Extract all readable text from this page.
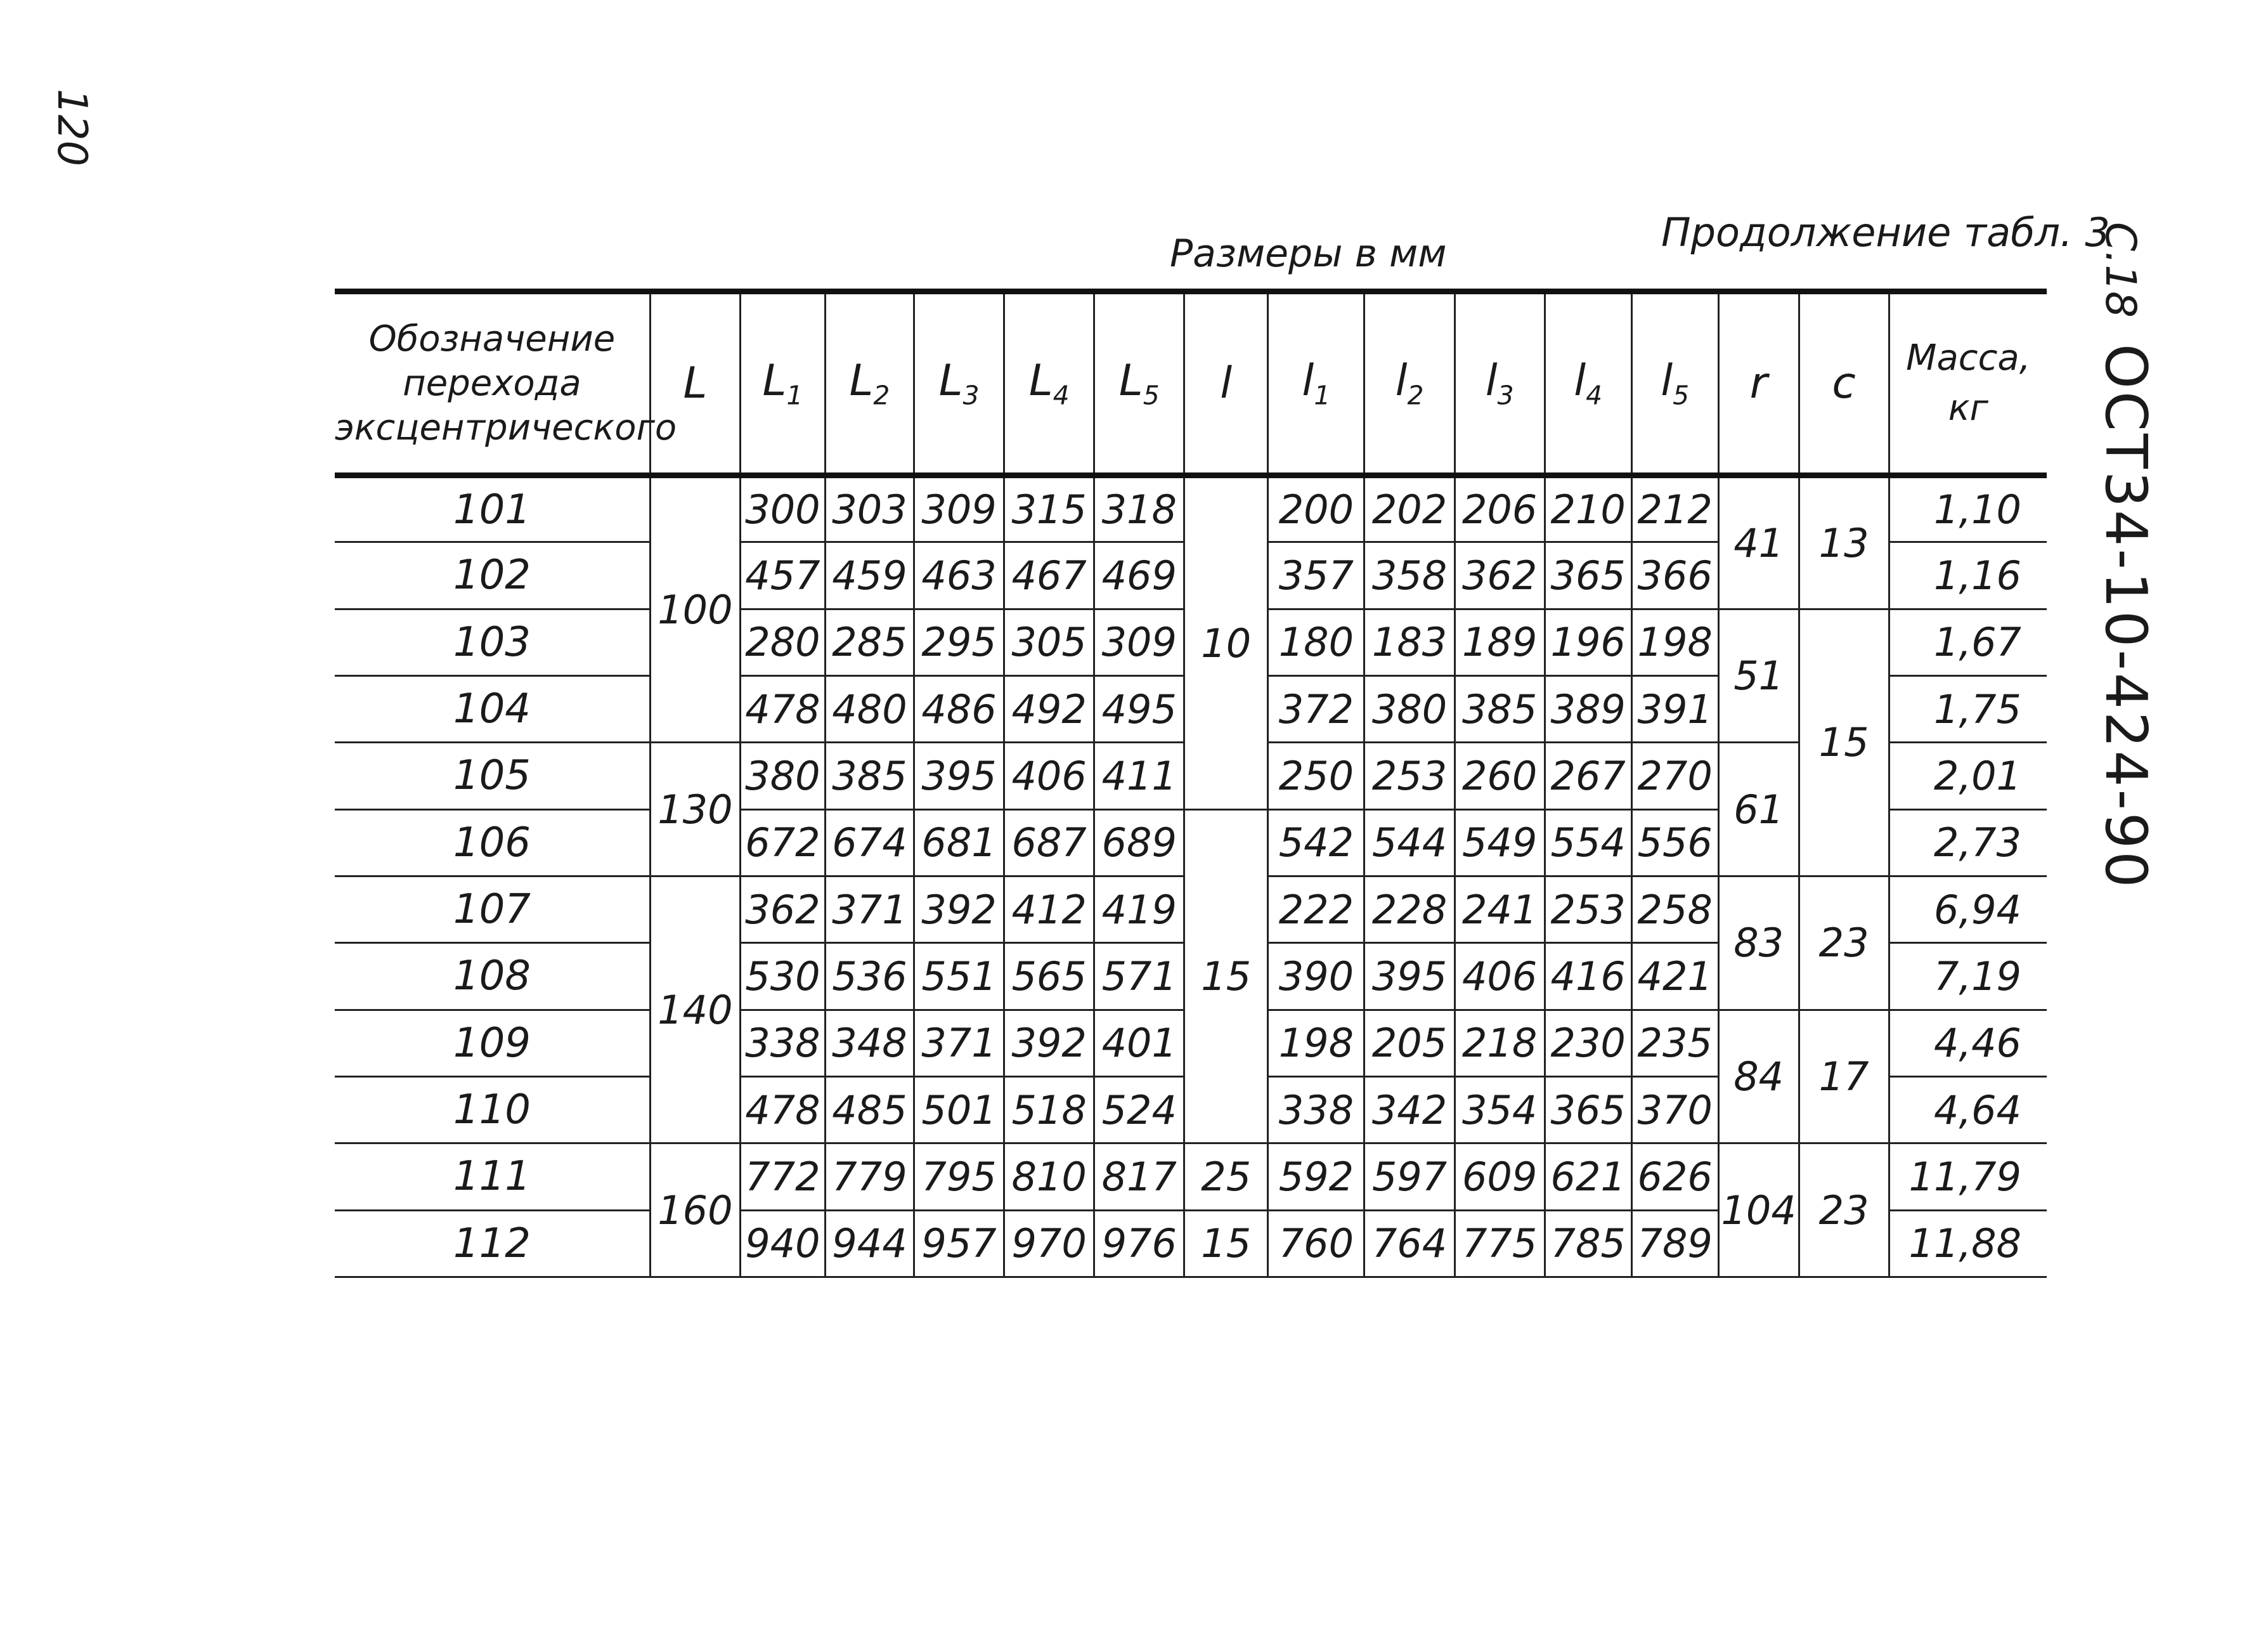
120
Размеры в мм	Продолжение табл. 3
С.18 ОСТ34-10-424-90
Обозначение перехода эксцентрического	L	$L_1$	$L_2$	$L_3$	$L_4$	$L_5$	l	$l_1$	$l_2$	$l_3$	$l_4$	$l_5$	r	c	Масса, кг
101	100	300	303	309	315	318	10	200	202	206	210	212	41	13	1,10
102		457	459	463	467	469		357	358	362	365	366			1,16
103		280	285	295	305	309		180	183	189	196	198	51	15	1,67
104		478	480	486	492	495		372	380	385	389	391			1,75
105	130	380	385	395	406	411		250	253	260	267	270	61		2,01
106		672	674	681	687	689	15	542	544	549	554	556			2,73
107	140	362	371	392	412	419		222	228	241	253	258	83	23	6,94
108		530	536	551	565	571		390	395	406	416	421			7,19
109		338	348	371	392	401		198	205	218	230	235	84	17	4,46
110		478	485	501	518	524		338	342	354	365	370			4,64
111	160	772	779	795	810	817	25	592	597	609	621	626	104	23	11,79
112		940	944	957	970	976	15	760	764	775	785	789			11,88
